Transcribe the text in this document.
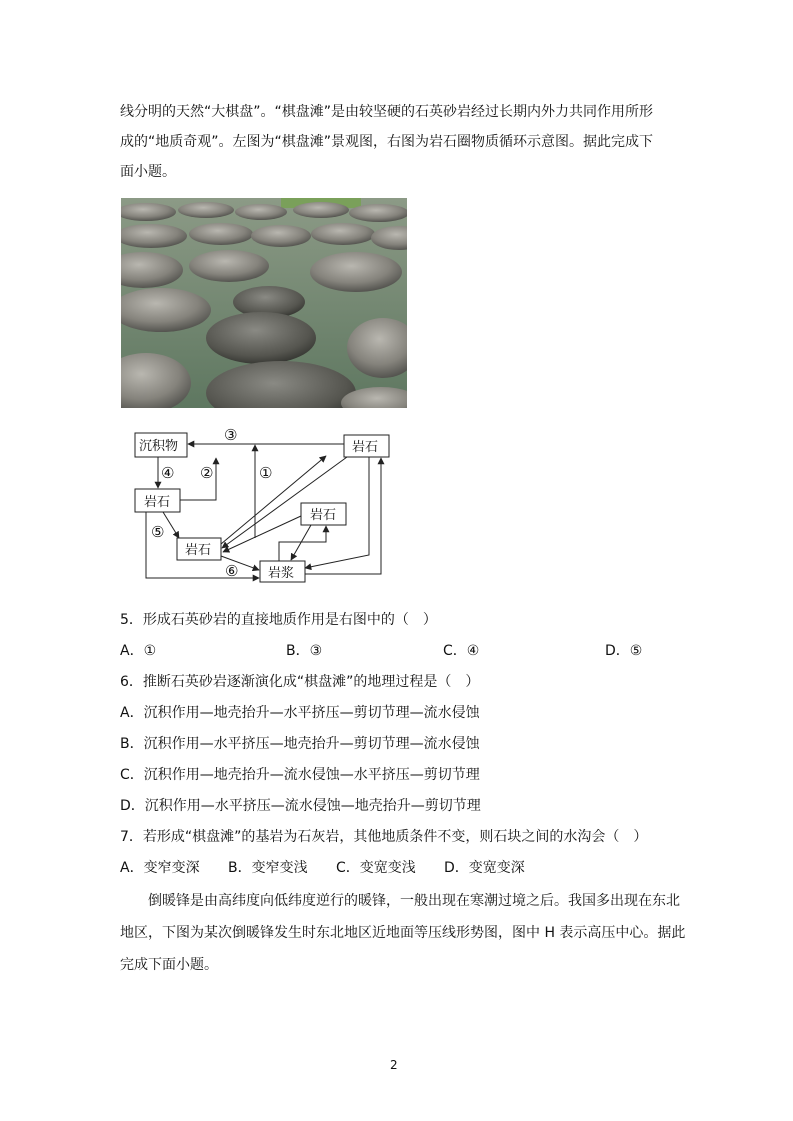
线分明的天然“大棋盘”。“棋盘滩”是由较坚硬的石英砂岩经过长期内外力共同作用所形
成的“地质奇观”。左图为“棋盘滩”景观图，右图为岩石圈物质循环示意图。据此完成下
面小题。
沉积物	岩石
岩石
岩石
岩石
岩浆
③
④ ②	①
⑤
⑥
5．形成石英砂岩的直接地质作用是右图中的（　）
A．①	B．③	C．④	D．⑤
6．推断石英砂岩逐渐演化成“棋盘滩”的地理过程是（　）
A．沉积作用—地壳抬升—水平挤压—剪切节理—流水侵蚀
B．沉积作用—水平挤压—地壳抬升—剪切节理—流水侵蚀
C．沉积作用—地壳抬升—流水侵蚀—水平挤压—剪切节理
D．沉积作用—水平挤压—流水侵蚀—地壳抬升—剪切节理
7．若形成“棋盘滩”的基岩为石灰岩，其他地质条件不变，则石块之间的水沟会（　）
A．变窄变深 B．变窄变浅 C．变宽变浅 D．变宽变深
倒暖锋是由高纬度向低纬度逆行的暖锋，一般出现在寒潮过境之后。我国多出现在东北
地区，下图为某次倒暖锋发生时东北地区近地面等压线形势图，图中 H 表示高压中心。据此
完成下面小题。
2
